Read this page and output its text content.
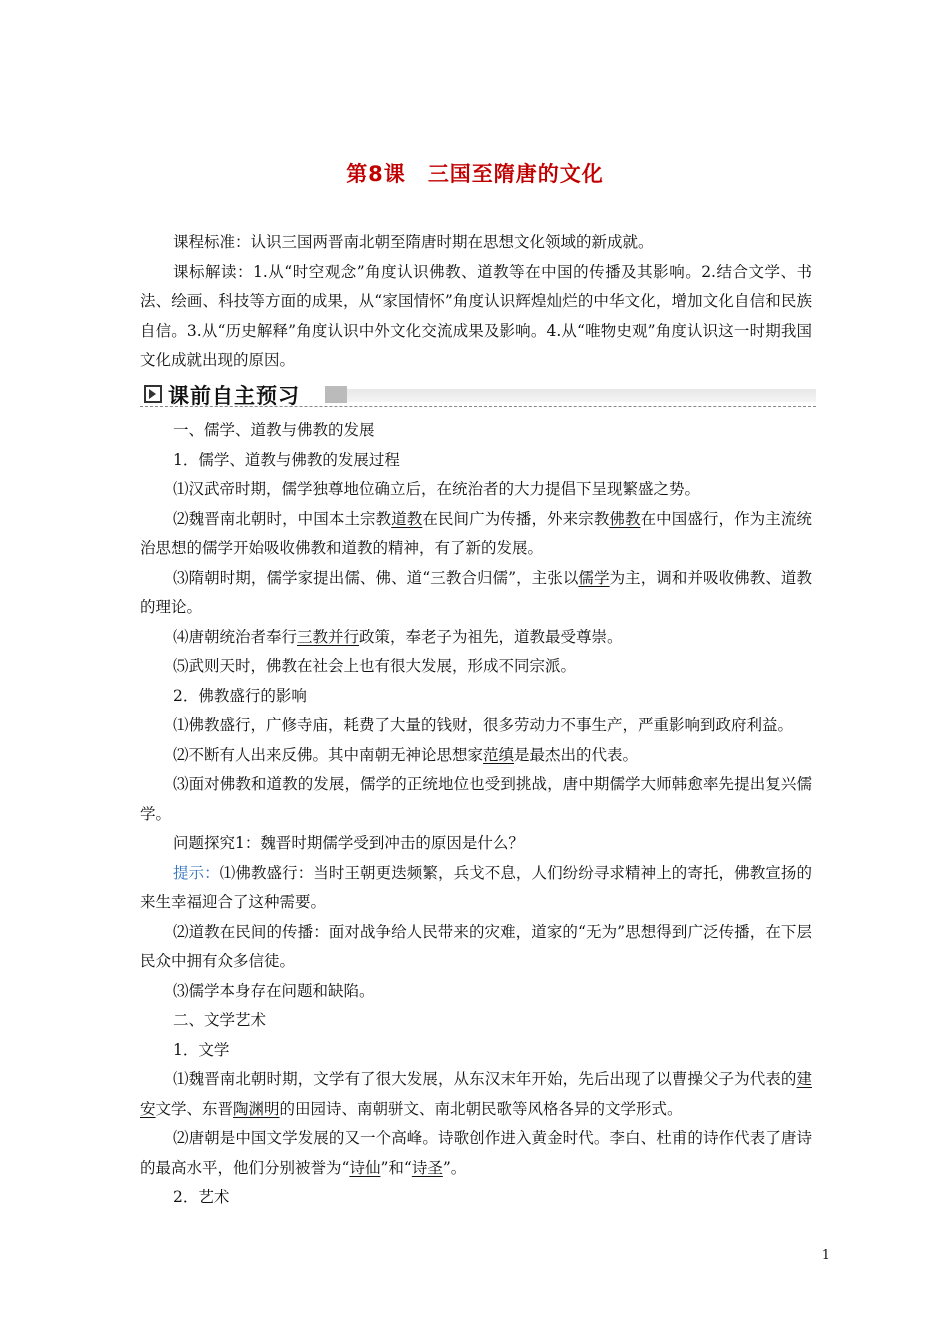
第8课 三国至隋唐的文化

课程标准：认识三国两晋南北朝至隋唐时期在思想文化领域的新成就。

课标解读：1.从“时空观念”角度认识佛教、道教等在中国的传播及其影响。2.结合文学、书法、绘画、科技等方面的成果，从“家国情怀”角度认识辉煌灿烂的中华文化，增加文化自信和民族自信。3.从“历史解释”角度认识中外文化交流成果及影响。4.从“唯物史观”角度认识这一时期我国文化成就出现的原因。

课前自主预习

一、儒学、道教与佛教的发展

1．儒学、道教与佛教的发展过程

⑴汉武帝时期，儒学独尊地位确立后，在统治者的大力提倡下呈现繁盛之势。

⑵魏晋南北朝时，中国本土宗教道教在民间广为传播，外来宗教佛教在中国盛行，作为主流统治思想的儒学开始吸收佛教和道教的精神，有了新的发展。

⑶隋朝时期，儒学家提出儒、佛、道“三教合归儒”，主张以儒学为主，调和并吸收佛教、道教的理论。

⑷唐朝统治者奉行三教并行政策，奉老子为祖先，道教最受尊崇。

⑸武则天时，佛教在社会上也有很大发展，形成不同宗派。

2．佛教盛行的影响

⑴佛教盛行，广修寺庙，耗费了大量的钱财，很多劳动力不事生产，严重影响到政府利益。

⑵不断有人出来反佛。其中南朝无神论思想家范缜是最杰出的代表。

⑶面对佛教和道教的发展，儒学的正统地位也受到挑战，唐中期儒学大师韩愈率先提出复兴儒学。

问题探究1：魏晋时期儒学受到冲击的原因是什么？

提示：⑴佛教盛行：当时王朝更迭频繁，兵戈不息，人们纷纷寻求精神上的寄托，佛教宣扬的来生幸福迎合了这种需要。

⑵道教在民间的传播：面对战争给人民带来的灾难，道家的“无为”思想得到广泛传播，在下层民众中拥有众多信徒。

⑶儒学本身存在问题和缺陷。

二、文学艺术

1．文学

⑴魏晋南北朝时期，文学有了很大发展，从东汉末年开始，先后出现了以曹操父子为代表的建安文学、东晋陶渊明的田园诗、南朝骈文、南北朝民歌等风格各异的文学形式。

⑵唐朝是中国文学发展的又一个高峰。诗歌创作进入黄金时代。李白、杜甫的诗作代表了唐诗的最高水平，他们分别被誉为“诗仙”和“诗圣”。

2．艺术

1
